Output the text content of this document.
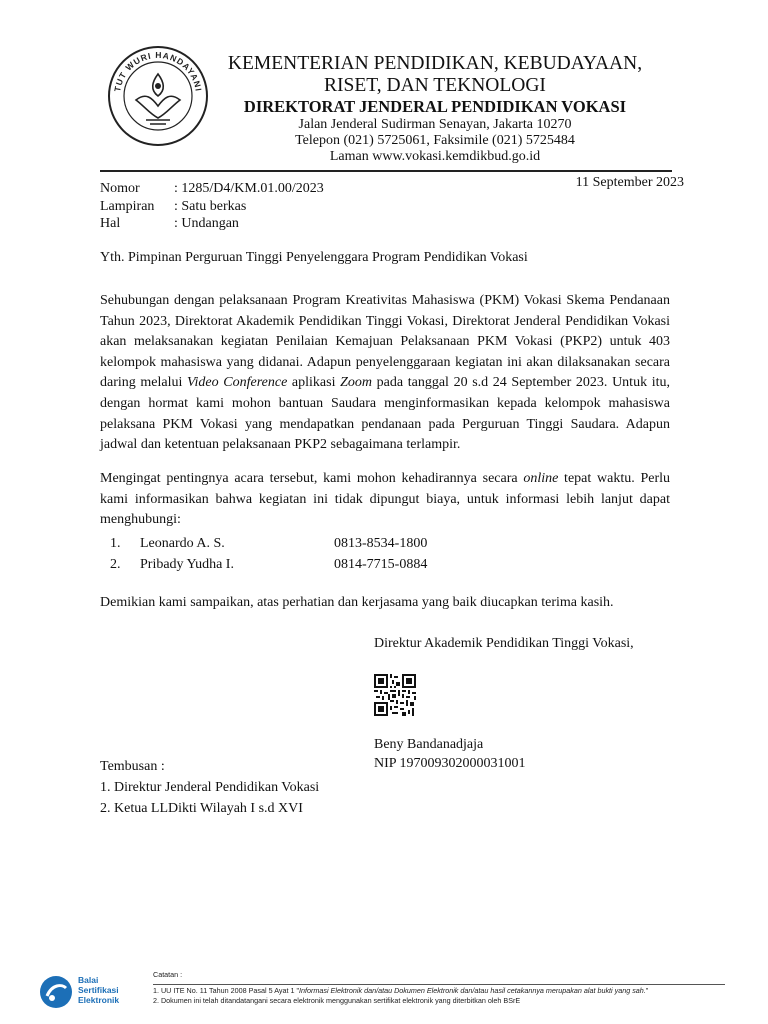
TUT WURI HANDAYANI
KEMENTERIAN PENDIDIKAN, KEBUDAYAAN,
RISET, DAN TEKNOLOGI
DIREKTORAT JENDERAL PENDIDIKAN VOKASI
Jalan Jenderal Sudirman Senayan, Jakarta 10270
Telepon (021) 5725061, Faksimile (021) 5725484
Laman www.vokasi.kemdikbud.go.id
11 September 2023
Nomor	: 1285/D4/KM.01.00/2023
Lampiran	: Satu berkas
Hal	: Undangan
Yth. Pimpinan Perguruan Tinggi Penyelenggara Program Pendidikan Vokasi
Sehubungan dengan pelaksanaan Program Kreativitas Mahasiswa (PKM) Vokasi Skema Pendanaan Tahun 2023, Direktorat Akademik Pendidikan Tinggi Vokasi, Direktorat Jenderal Pendidikan Vokasi akan melaksanakan kegiatan Penilaian Kemajuan Pelaksanaan PKM Vokasi (PKP2) untuk 403 kelompok mahasiswa yang didanai. Adapun penyelenggaraan kegiatan ini akan dilaksanakan secara daring melalui Video Conference aplikasi Zoom pada tanggal 20 s.d 24 September 2023. Untuk itu, dengan hormat kami mohon bantuan Saudara menginformasikan kepada kelompok mahasiswa pelaksana PKM Vokasi yang mendapatkan pendanaan pada Perguruan Tinggi Saudara. Adapun jadwal dan ketentuan pelaksanaan PKP2 sebagaimana terlampir.
Mengingat pentingnya acara tersebut, kami mohon kehadirannya secara online tepat waktu. Perlu kami informasikan bahwa kegiatan ini tidak dipungut biaya, untuk informasi lebih lanjut dapat menghubungi:
1.	Leonardo A. S.	0813-8534-1800
2.	Pribady Yudha I.	0814-7715-0884
Demikian kami sampaikan, atas perhatian dan kerjasama yang baik diucapkan terima kasih.
Direktur Akademik Pendidikan Tinggi Vokasi,
Beny Bandanadjaja
NIP 197009302000031001
Tembusan :
1. Direktur Jenderal Pendidikan Vokasi
2. Ketua LLDikti Wilayah I s.d XVI
Balai
Sertifikasi
Elektronik
Catatan :
1. UU ITE No. 11 Tahun 2008 Pasal 5 Ayat 1 "Informasi Elektronik dan/atau Dokumen Elektronik dan/atau hasil cetakannya merupakan alat bukti yang sah."
2. Dokumen ini telah ditandatangani secara elektronik menggunakan sertifikat elektronik yang diterbitkan oleh BSrE
